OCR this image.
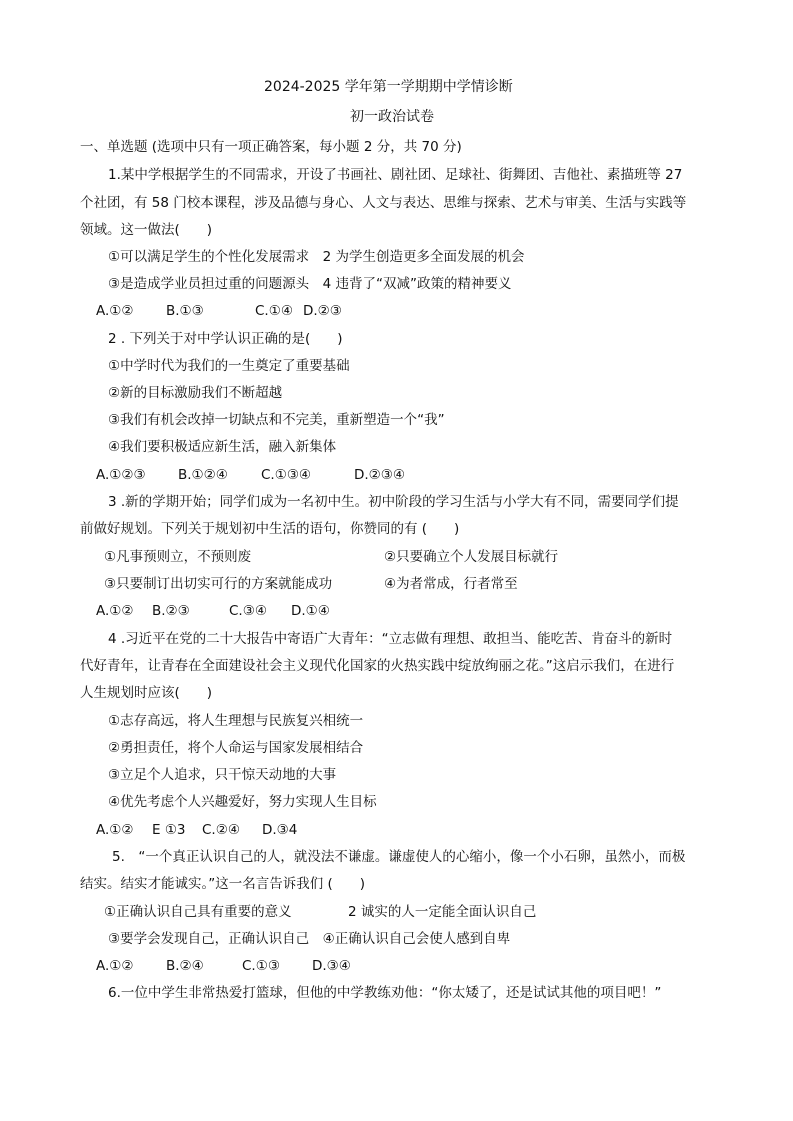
2024-2025 学年第一学期期中学情诊断
初一政治试卷
一、单选题 (选项中只有一项正确答案，每小题 2 分，共 70 分)
1.某中学根据学生的不同需求，开设了书画社、剧社团、足球社、街舞团、吉他社、素描班等 27
个社团，有 58 门校本课程，涉及品德与身心、人文与表达、思维与探索、艺术与审美、生活与实践等
领域。这一做法(　　)
①可以满足学生的个性化发展需求　2 为学生创造更多全面发展的机会
③是造成学业员担过重的问题源头　4 违背了“双减”政策的精神要义
A.①② B.①③	C.①④ D.②③
2 . 下列关于对中学认识正确的是(　　)
①中学时代为我们的一生奠定了重要基础
②新的目标激励我们不断超越
③我们有机会改掉一切缺点和不完美，重新塑造一个“我”
④我们要积极适应新生活，融入新集体
A.①②③ B.①②④ C.①③④	D.②③④
3 .新的学期开始；同学们成为一名初中生。初中阶段的学习生活与小学大有不同，需要同学们提
前做好规划。下列关于规划初中生活的语句，你赞同的有 (　　)
①凡事预则立，不预则废	②只要确立个人发展目标就行
③只要制订出切实可行的方案就能成功	④为者常成，行者常至
A.①② B.②③	C.③④ D.①④
4 .习近平在党的二十大报告中寄语广大青年：“立志做有理想、敢担当、能吃苦、肯奋斗的新时
代好青年，让青春在全面建设社会主义现代化国家的火热实践中绽放绚丽之花。”这启示我们，在进行
人生规划时应该(　　)
①志存高远，将人生理想与民族复兴相统一
②勇担责任，将个人命运与国家发展相结合
③立足个人追求，只干惊天动地的大事
④优先考虑个人兴趣爱好，努力实现人生目标
A.①② E ①3 C.②④ D.③4
5.　“一个真正认识自己的人，就没法不谦虚。谦虚使人的心缩小，像一个小石卵，虽然小，而极
结实。结实才能诚实。”这一名言告诉我们 (　　)
①正确认识自己具有重要的意义	2 诚实的人一定能全面认识自己
③要学会发现自己，正确认识自己　④正确认识自己会使人感到自卑
A.①② B.②④	C.①③ D.③④
6.一位中学生非常热爱打篮球，但他的中学教练劝他：“你太矮了，还是试试其他的项目吧！”
